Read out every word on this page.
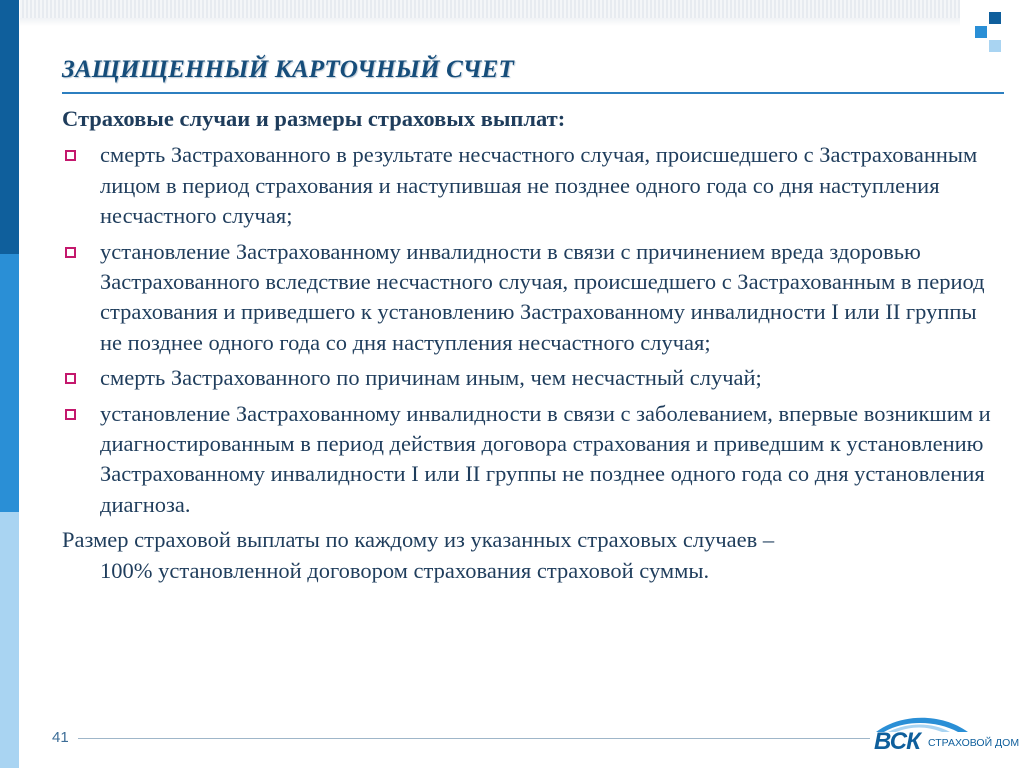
ЗАЩИЩЕННЫЙ КАРТОЧНЫЙ СЧЕТ
Страховые случаи и размеры страховых выплат:
смерть Застрахованного в результате несчастного случая, происшедшего с Застрахованным лицом в период страхования и наступившая не позднее одного года со дня наступления несчастного случая;
установление Застрахованному инвалидности в связи с причинением вреда здоровью Застрахованного вследствие несчастного случая, происшедшего с Застрахованным в период страхования и приведшего к установлению Застрахованному инвалидности I или II группы не позднее одного года со дня наступления несчастного случая;
смерть Застрахованного по причинам иным, чем несчастный случай;
установление Застрахованному инвалидности в связи с заболеванием, впервые возникшим и диагностированным в период действия договора страхования и приведшим к установлению Застрахованному инвалидности I или II группы не позднее одного года со дня установления диагноза.
Размер страховой выплаты по каждому из указанных страховых случаев –
100% установленной договором страхования страховой суммы.
41	ВСК СТРАХОВОЙ ДОМ
